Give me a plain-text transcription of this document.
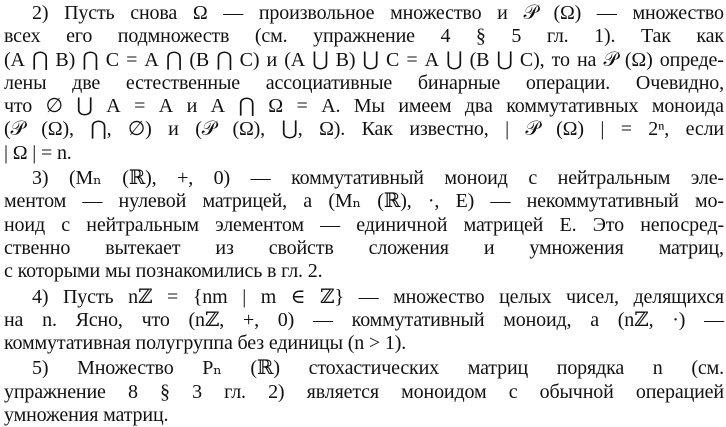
2) Пусть снова Ω — произвольное множество и 𝒫 (Ω) — множество
всех его подмножеств (см. упражнение 4 § 5 гл. 1). Так как
(A ⋂ B) ⋂ C = A ⋂ (B ⋂ C) и (A ⋃ B) ⋃ C = A ⋃ (B ⋃ C), то на 𝒫 (Ω) опреде-
лены две естественные ассоциативные бинарные операции. Очевидно,
что ∅ ⋃ A = A и A ⋂ Ω = A. Мы имеем два коммутативных моноида
(𝒫 (Ω), ⋂, ∅) и (𝒫 (Ω), ⋃, Ω). Как известно, | 𝒫 (Ω) | = 2ⁿ, если
| Ω | = n.
3) (Mₙ (ℝ), +, 0) — коммутативный моноид с нейтральным эле-
ментом — нулевой матрицей, а (Mₙ (ℝ), ·, E) — некоммутативный мо-
ноид с нейтральным элементом — единичной матрицей E. Это непосред-
ственно вытекает из свойств сложения и умножения матриц,
с которыми мы познакомились в гл. 2.
4) Пусть nℤ = {nm | m ∈ ℤ} — множество целых чисел, делящихся
на n. Ясно, что (nℤ, +, 0) — коммутативный моноид, а (nℤ, ·) —
коммутативная полугруппа без единицы (n > 1).
5) Множество Pₙ (ℝ) стохастических матриц порядка n (см.
упражнение 8 § 3 гл. 2) является моноидом с обычной операцией
умножения матриц.
